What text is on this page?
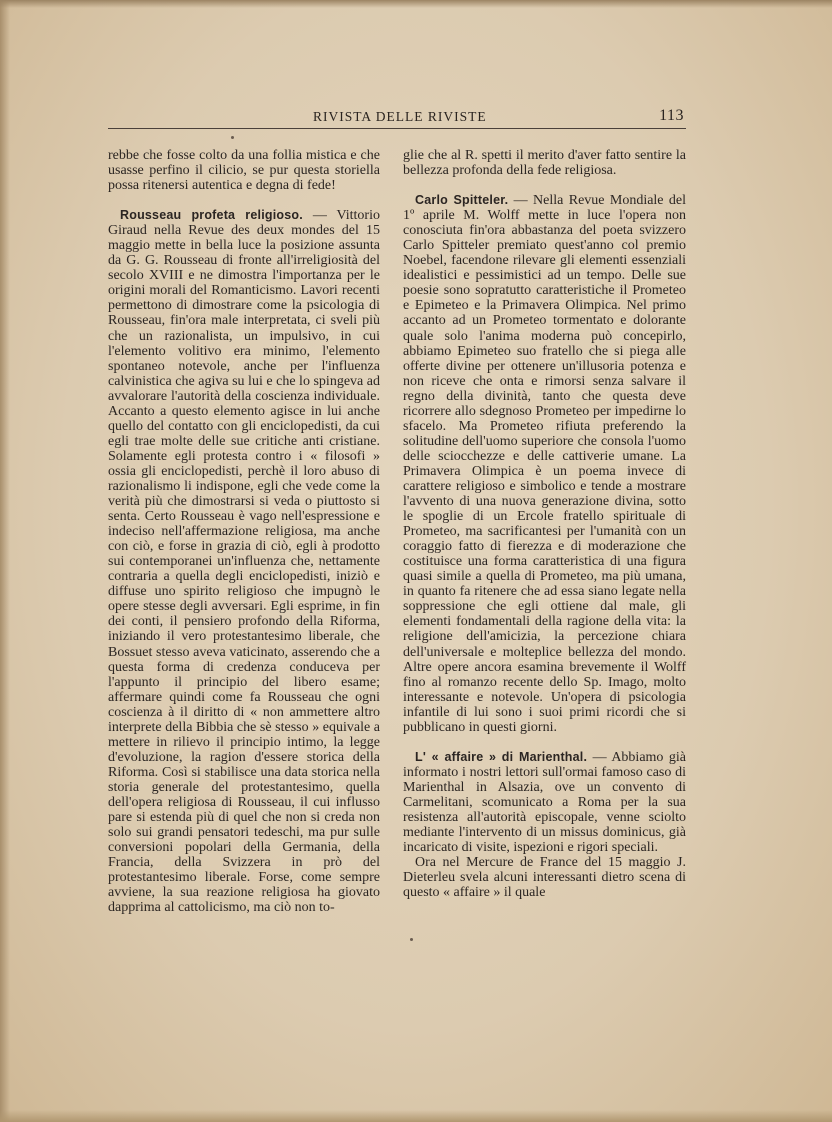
RIVISTA DELLE RIVISTE	113

rebbe che fosse colto da una follia mistica e che usasse perfino il cilicio, se pur questa storiella possa ritenersi autentica e degna di fede!

Rousseau profeta religioso. — Vittorio Giraud nella Revue des deux mondes del 15 maggio mette in bella luce la posizione assunta da G. G. Rousseau di fronte all'irreligiosità del secolo XVIII e ne dimostra l'importanza per le origini morali del Romanticismo. Lavori recenti permettono di dimostrare come la psicologia di Rousseau, fin'ora male interpretata, ci sveli più che un razionalista, un impulsivo, in cui l'elemento volitivo era minimo, l'elemento spontaneo notevole, anche per l'influenza calvinistica che agiva su lui e che lo spingeva ad avvalorare l'autorità della coscienza individuale. Accanto a questo elemento agisce in lui anche quello del contatto con gli enciclopedisti, da cui egli trae molte delle sue critiche anti cristiane. Solamente egli protesta contro i « filosofi » ossia gli enciclopedisti, perchè il loro abuso di razionalismo li indispone, egli che vede come la verità più che dimostrarsi si veda o piuttosto si senta. Certo Rousseau è vago nell'espressione e indeciso nell'affermazione religiosa, ma anche con ciò, e forse in grazia di ciò, egli à prodotto sui contemporanei un'influenza che, nettamente contraria a quella degli enciclopedisti, iniziò e diffuse uno spirito religioso che impugnò le opere stesse degli avversari. Egli esprime, in fin dei conti, il pensiero profondo della Riforma, iniziando il vero protestantesimo liberale, che Bossuet stesso aveva vaticinato, asserendo che a questa forma di credenza conduceva per l'appunto il principio del libero esame; affermare quindi come fa Rousseau che ogni coscienza à il diritto di « non ammettere altro interprete della Bibbia che sè stesso » equivale a mettere in rilievo il principio intimo, la legge d'evoluzione, la ragion d'essere storica della Riforma. Così si stabilisce una data storica nella storia generale del protestantesimo, quella dell'opera religiosa di Rousseau, il cui influsso pare si estenda più di quel che non si creda non solo sui grandi pensatori tedeschi, ma pur sulle conversioni popolari della Germania, della Francia, della Svizzera in prò del protestantesimo liberale. Forse, come sempre avviene, la sua reazione religiosa ha giovato dapprima al cattolicismo, ma ciò non to-

glie che al R. spetti il merito d'aver fatto sentire la bellezza profonda della fede religiosa.

Carlo Spitteler. — Nella Revue Mondiale del 1º aprile M. Wolff mette in luce l'opera non conosciuta fin'ora abbastanza del poeta svizzero Carlo Spitteler premiato quest'anno col premio Noebel, facendone rilevare gli elementi essenziali idealistici e pessimistici ad un tempo. Delle sue poesie sono sopratutto caratteristiche il Prometeo e Epimeteo e la Primavera Olimpica. Nel primo accanto ad un Prometeo tormentato e dolorante quale solo l'anima moderna può concepirlo, abbiamo Epimeteo suo fratello che si piega alle offerte divine per ottenere un'illusoria potenza e non riceve che onta e rimorsi senza salvare il regno della divinità, tanto che questa deve ricorrere allo sdegnoso Prometeo per impedirne lo sfacelo. Ma Prometeo rifiuta preferendo la solitudine dell'uomo superiore che consola l'uomo delle sciocchezze e delle cattiverie umane. La Primavera Olimpica è un poema invece di carattere religioso e simbolico e tende a mostrare l'avvento di una nuova generazione divina, sotto le spoglie di un Ercole fratello spirituale di Prometeo, ma sacrificantesi per l'umanità con un coraggio fatto di fierezza e di moderazione che costituisce una forma caratteristica di una figura quasi simile a quella di Prometeo, ma più umana, in quanto fa ritenere che ad essa siano legate nella soppressione che egli ottiene dal male, gli elementi fondamentali della ragione della vita: la religione dell'amicizia, la percezione chiara dell'universale e molteplice bellezza del mondo. Altre opere ancora esamina brevemente il Wolff fino al romanzo recente dello Sp. Imago, molto interessante e notevole. Un'opera di psicologia infantile di lui sono i suoi primi ricordi che si pubblicano in questi giorni.

L' « affaire » di Marienthal. — Abbiamo già informato i nostri lettori sull'ormai famoso caso di Marienthal in Alsazia, ove un convento di Carmelitani, scomunicato a Roma per la sua resistenza all'autorità episcopale, venne sciolto mediante l'intervento di un missus dominicus, già incaricato di visite, ispezioni e rigori speciali.

Ora nel Mercure de France del 15 maggio J. Dieterleu svela alcuni interessanti dietro scena di questo « affaire » il quale
